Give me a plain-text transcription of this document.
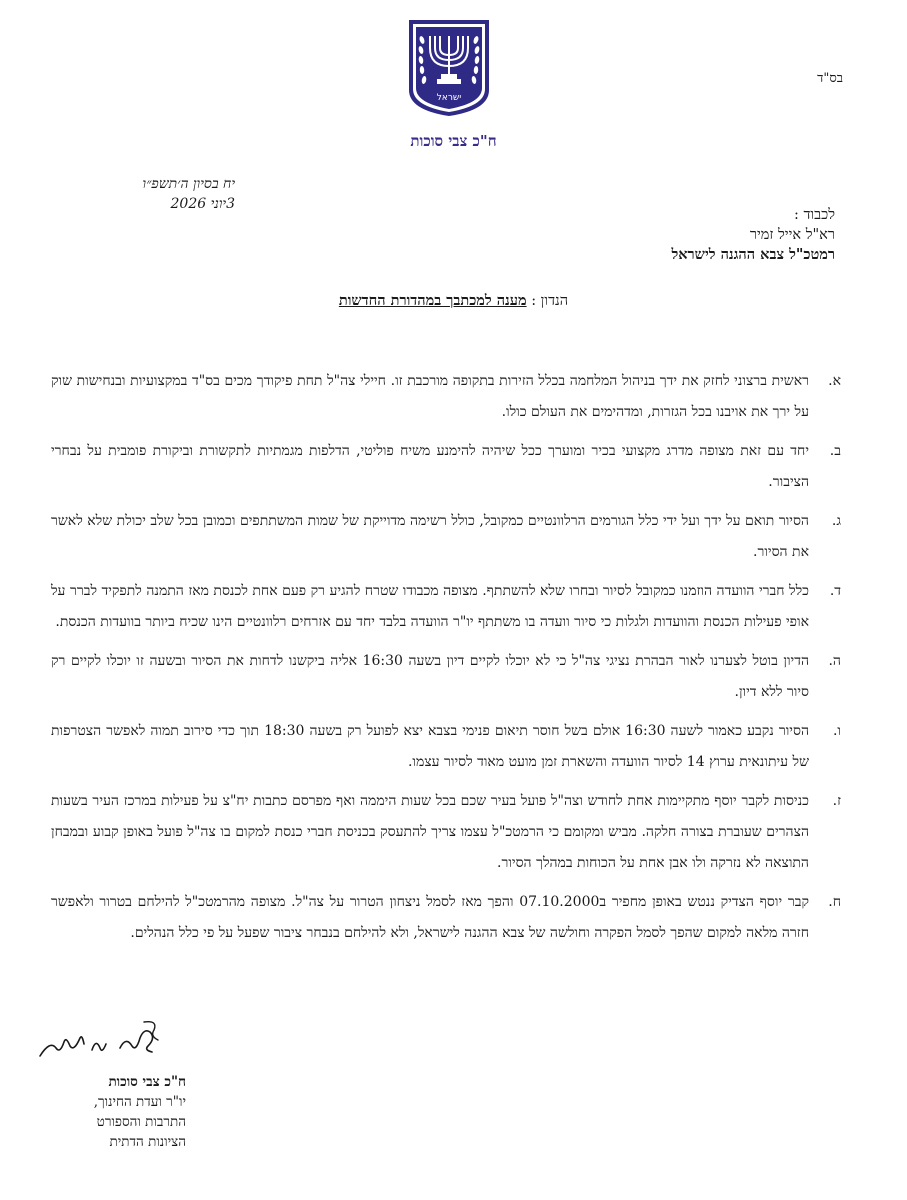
ישראל
בס"ד
ח"כ צבי סוכות
יח בסיון ה׳תשפ״ו
3יוני 2026
לכבוד :
רא"ל אייל זמיר
רמטכ"ל צבא ההגנה לישראל
הנדון : מענה למכתבך במהדורת החדשות
א.
ראשית ברצוני לחזק את ידך בניהול המלחמה בכלל הזירות בתקופה מורכבת זו. חיילי צה"ל תחת פיקודך מכים בס"ד במקצועיות ובנחישות שוק על ירך את אויבנו בכל הגזרות, ומדהימים את העולם כולו.
ב.
יחד עם זאת מצופה מדרג מקצועי בכיר ומוערך ככל שיהיה להימנע משיח פוליטי, הדלפות מגמתיות לתקשורת וביקורת פומבית על נבחרי הציבור.
ג.
הסיור תואם על ידך ועל ידי כלל הגורמים הרלוונטיים כמקובל, כולל רשימה מדוייקת של שמות המשתתפים וכמובן בכל שלב יכולת שלא לאשר את הסיור.
ד.
כלל חברי הוועדה הוזמנו כמקובל לסיור ובחרו שלא להשתתף. מצופה מכבודו שטרח להגיע רק פעם אחת לכנסת מאז התמנה לתפקיד לברר על אופי פעילות הכנסת והוועדות ולגלות כי סיור וועדה בו משתתף יו"ר הוועדה בלבד יחד עם אזרחים רלוונטיים הינו שכיח ביותר בוועדות הכנסת.
ה.
הדיון בוטל לצערנו לאור הבהרת נציגי צה"ל כי לא יוכלו לקיים דיון בשעה 16:30 אליה ביקשנו לדחות את הסיור ובשעה זו יוכלו לקיים רק סיור ללא דיון.
ו.
הסיור נקבע כאמור לשעה 16:30 אולם בשל חוסר תיאום פנימי בצבא יצא לפועל רק בשעה 18:30 תוך כדי סירוב תמוה לאפשר הצטרפות של עיתונאית ערוץ 14 לסיור הוועדה והשארת זמן מועט מאוד לסיור עצמו.
ז.
כניסות לקבר יוסף מתקיימות אחת לחודש וצה"ל פועל בעיר שכם בכל שעות היממה ואף מפרסם כתבות יח"צ על פעילות במרכז העיר בשעות הצהרים שעוברת בצורה חלקה. מביש ומקומם כי הרמטכ"ל עצמו צריך להתעסק בכניסת חברי כנסת למקום בו צה"ל פועל באופן קבוע ובמבחן התוצאה לא נזרקה ולו אבן אחת על הכוחות במהלך הסיור.
ח.
קבר יוסף הצדיק ננטש באופן מחפיר ב07.10.2000 והפך מאז לסמל ניצחון הטרור על צה"ל. מצופה מהרמטכ"ל להילחם בטרור ולאפשר חזרה מלאה למקום שהפך לסמל הפקרה וחולשה של צבא ההגנה לישראל, ולא להילחם בנבחר ציבור שפעל על פי כלל הנהלים.
ח"כ צבי סוכות
יו"ר ועדת החינוך,
התרבות והספורט
הציונות הדתית
